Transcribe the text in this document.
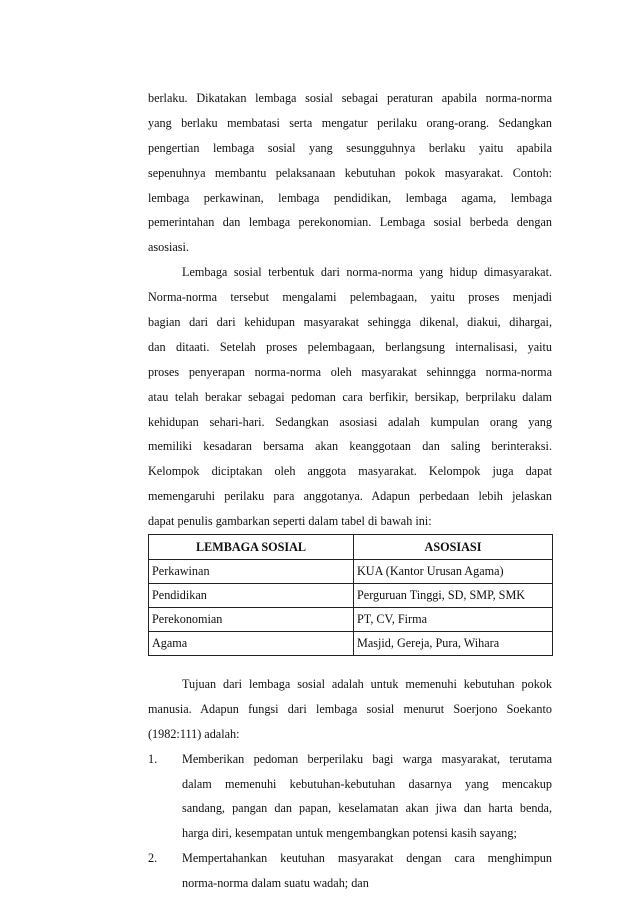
berlaku. Dikatakan lembaga sosial sebagai peraturan apabila norma-norma
yang berlaku membatasi serta mengatur perilaku orang-orang. Sedangkan
pengertian lembaga sosial yang sesungguhnya berlaku yaitu apabila
sepenuhnya membantu pelaksanaan kebutuhan pokok masyarakat. Contoh:
lembaga perkawinan, lembaga pendidikan, lembaga agama, lembaga
pemerintahan dan lembaga perekonomian. Lembaga sosial berbeda dengan
asosiasi.
Lembaga sosial terbentuk dari norma-norma yang hidup dimasyarakat.
Norma-norma tersebut mengalami pelembagaan, yaitu proses menjadi
bagian dari dari kehidupan masyarakat sehingga dikenal, diakui, dihargai,
dan ditaati. Setelah proses pelembagaan, berlangsung internalisasi, yaitu
proses penyerapan norma-norma oleh masyarakat sehinngga norma-norma
atau telah berakar sebagai pedoman cara berfikir, bersikap, berprilaku dalam
kehidupan sehari-hari. Sedangkan asosiasi adalah kumpulan orang yang
memiliki kesadaran bersama akan keanggotaan dan saling berinteraksi.
Kelompok diciptakan oleh anggota masyarakat. Kelompok juga dapat
memengaruhi perilaku para anggotanya. Adapun perbedaan lebih jelaskan
dapat penulis gambarkan seperti dalam tabel di bawah ini:
LEMBAGA SOSIAL	ASOSIASI
Perkawinan	KUA (Kantor Urusan Agama)
Pendidikan	Perguruan Tinggi, SD, SMP, SMK
Perekonomian	PT, CV, Firma
Agama	Masjid, Gereja, Pura, Wihara
Tujuan dari lembaga sosial adalah untuk memenuhi kebutuhan pokok
manusia. Adapun fungsi dari lembaga sosial menurut Soerjono Soekanto
(1982:111) adalah:
1.	Memberikan pedoman berperilaku bagi warga masyarakat, terutama
dalam memenuhi kebutuhan-kebutuhan dasarnya yang mencakup
sandang, pangan dan papan, keselamatan akan jiwa dan harta benda,
harga diri, kesempatan untuk mengembangkan potensi kasih sayang;
2.	Mempertahankan keutuhan masyarakat dengan cara menghimpun
norma-norma dalam suatu wadah; dan
